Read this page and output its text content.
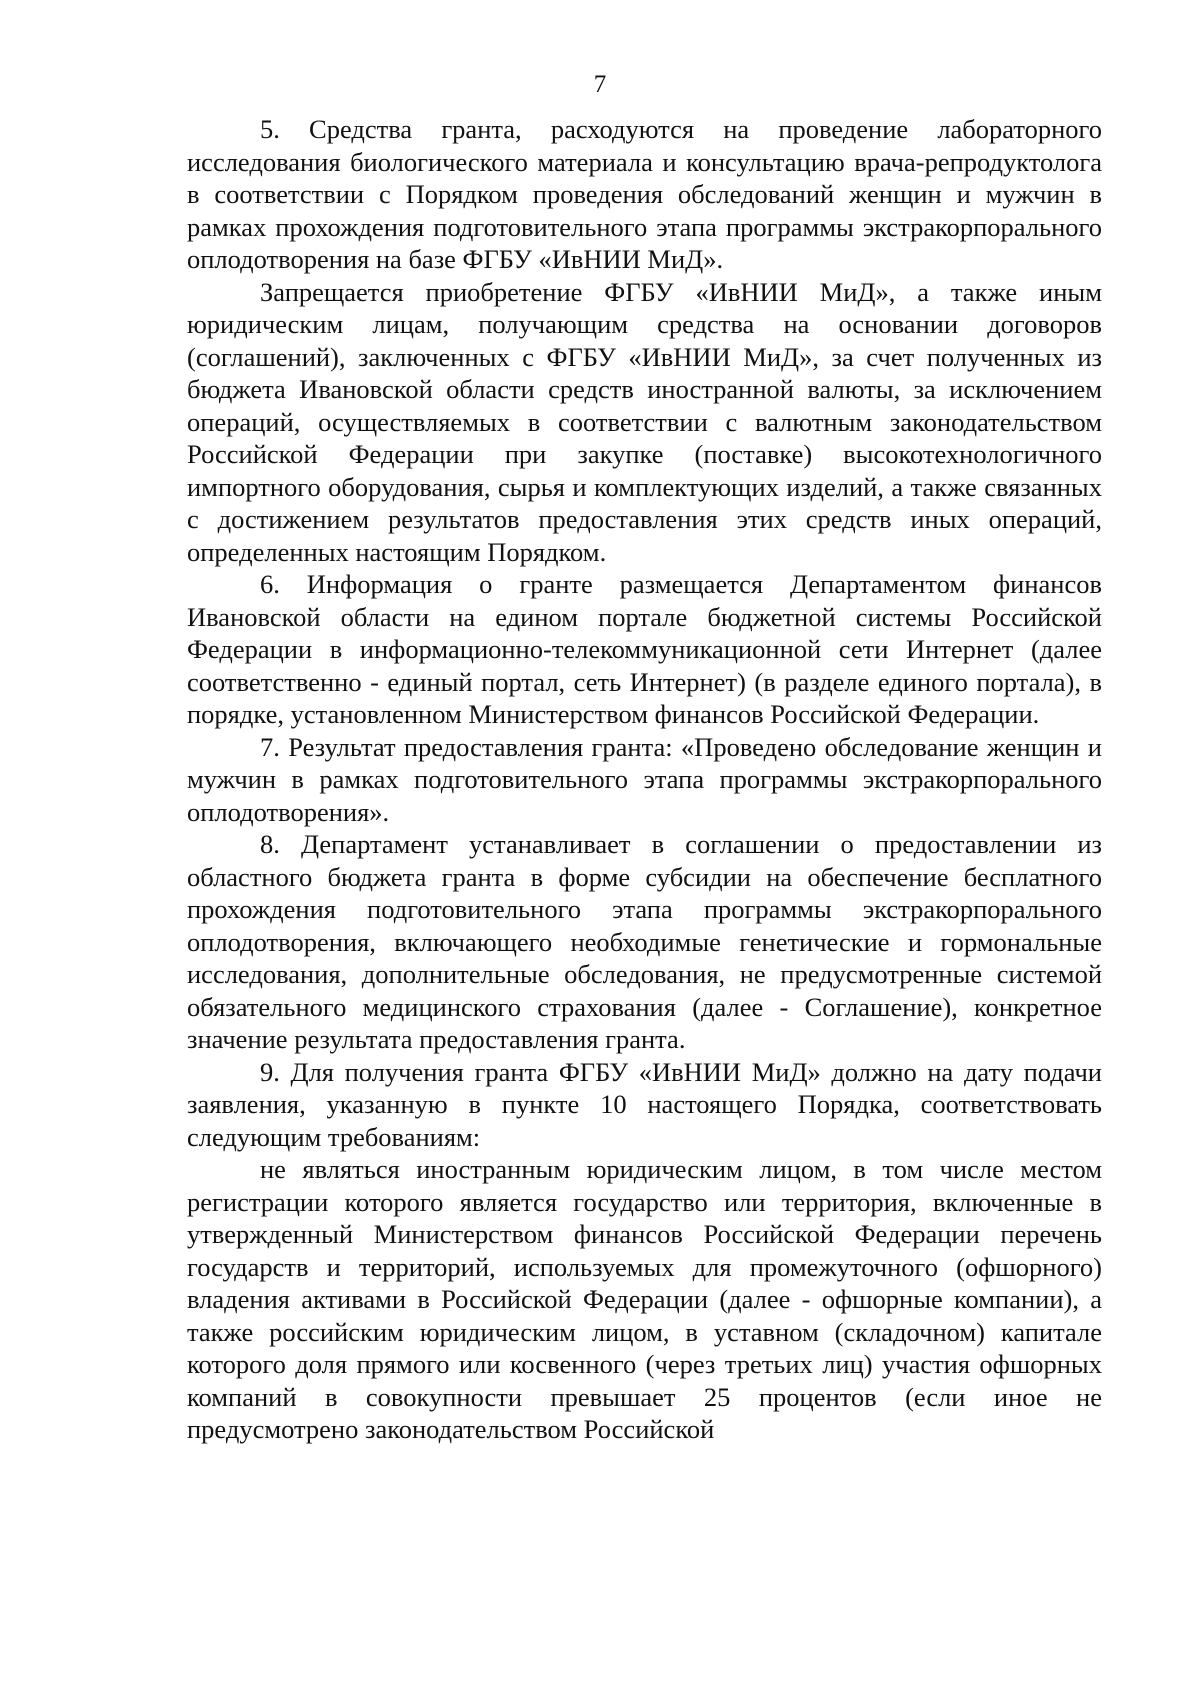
7

5. Средства гранта, расходуются на проведение лабораторного исследования биологического материала и консультацию врача-репродуктолога в соответствии с Порядком проведения обследований женщин и мужчин в рамках прохождения подготовительного этапа программы экстракорпорального оплодотворения на базе ФГБУ «ИвНИИ МиД».

Запрещается приобретение ФГБУ «ИвНИИ МиД», а также иным юридическим лицам, получающим средства на основании договоров (соглашений), заключенных с ФГБУ «ИвНИИ МиД», за счет полученных из бюджета Ивановской области средств иностранной валюты, за исключением операций, осуществляемых в соответствии с валютным законодательством Российской Федерации при закупке (поставке) высокотехнологичного импортного оборудования, сырья и комплектующих изделий, а также связанных с достижением результатов предоставления этих средств иных операций, определенных настоящим Порядком.

6. Информация о гранте размещается Департаментом финансов Ивановской области на едином портале бюджетной системы Российской Федерации в информационно-телекоммуникационной сети Интернет (далее соответственно - единый портал, сеть Интернет) (в разделе единого портала), в порядке, установленном Министерством финансов Российской Федерации.

7. Результат предоставления гранта: «Проведено обследование женщин и мужчин в рамках подготовительного этапа программы экстракорпорального оплодотворения».

8. Департамент устанавливает в соглашении о предоставлении из областного бюджета гранта в форме субсидии на обеспечение бесплатного прохождения подготовительного этапа программы экстракорпорального оплодотворения, включающего необходимые генетические и гормональные исследования, дополнительные обследования, не предусмотренные системой обязательного медицинского страхования (далее - Соглашение), конкретное значение результата предоставления гранта.

9. Для получения гранта ФГБУ «ИвНИИ МиД» должно на дату подачи заявления, указанную в пункте 10 настоящего Порядка, соответствовать следующим требованиям:

не являться иностранным юридическим лицом, в том числе местом регистрации которого является государство или территория, включенные в утвержденный Министерством финансов Российской Федерации перечень государств и территорий, используемых для промежуточного (офшорного) владения активами в Российской Федерации (далее - офшорные компании), а также российским юридическим лицом, в уставном (складочном) капитале которого доля прямого или косвенного (через третьих лиц) участия офшорных компаний в совокупности превышает 25 процентов (если иное не предусмотрено законодательством Российской
